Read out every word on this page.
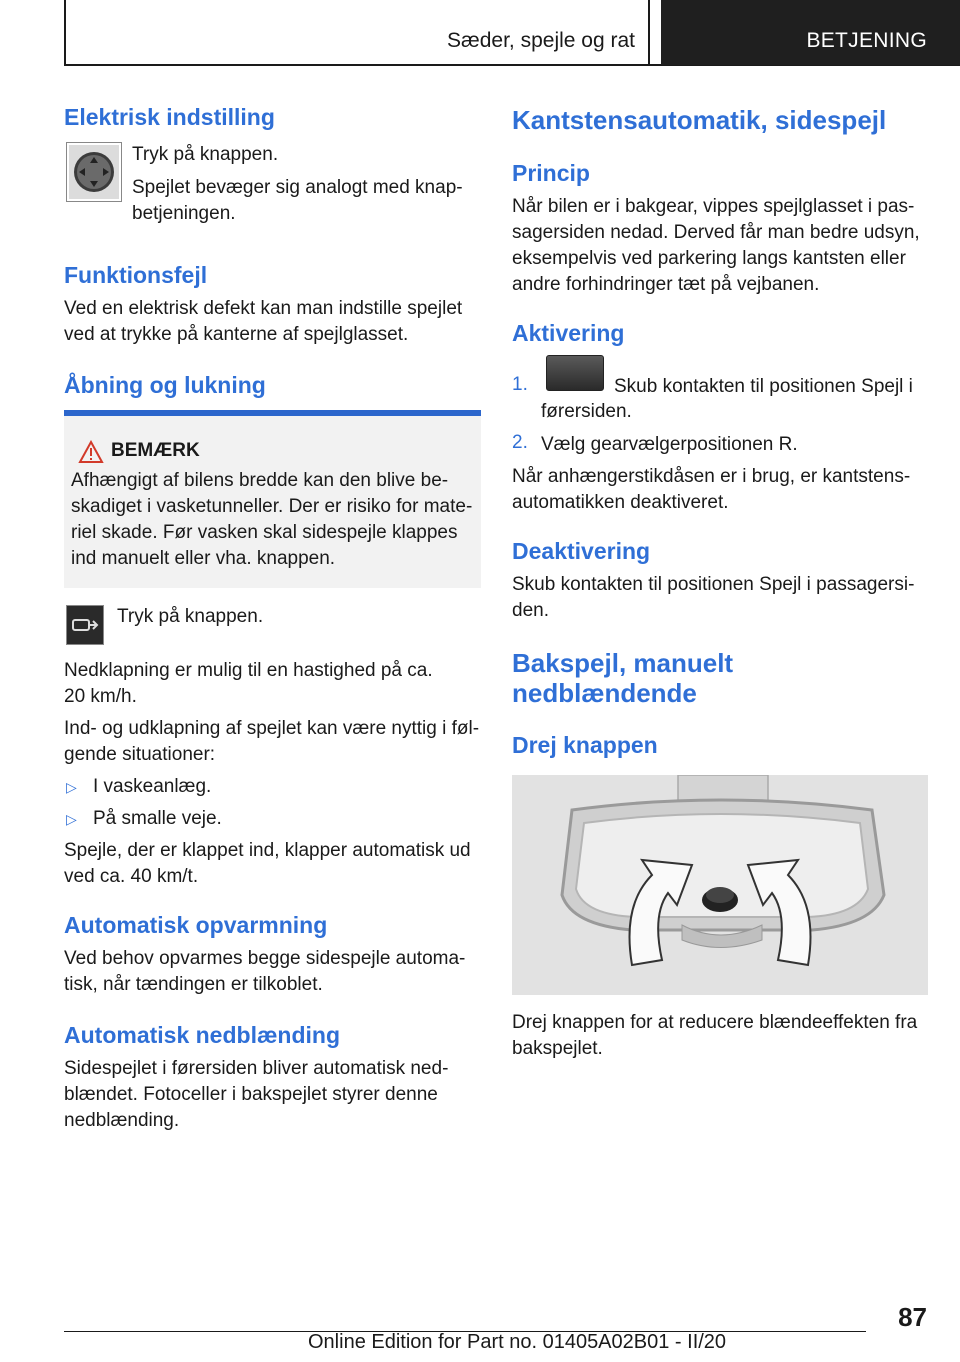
Sæder, spejle og rat	BETJENING
Elektrisk indstilling
Tryk på knappen.
Spejlet bevæger sig analogt med knap-
betjeningen.
Funktionsfejl
Ved en elektrisk defekt kan man indstille spejlet
ved at trykke på kanterne af spejlglasset.
Åbning og lukning
BEMÆRK
Afhængigt af bilens bredde kan den blive be-
skadiget i vasketunneller. Der er risiko for mate-
riel skade. Før vasken skal sidespejle klappes
ind manuelt eller vha. knappen.
Tryk på knappen.
Nedklapning er mulig til en hastighed på ca.
20 km/h.
Ind- og udklapning af spejlet kan være nyttig i føl-
gende situationer:
▷ I vaskeanlæg.
▷ På smalle veje.
Spejle, der er klappet ind, klapper automatisk ud
ved ca. 40 km/t.
Automatisk opvarmning
Ved behov opvarmes begge sidespejle automa-
tisk, når tændingen er tilkoblet.
Automatisk nedblænding
Sidespejlet i førersiden bliver automatisk ned-
blændet. Fotoceller i bakspejlet styrer denne
nedblænding.
Kantstensautomatik, sidespejl
Princip
Når bilen er i bakgear, vippes spejlglasset i pas-
sagersiden nedad. Derved får man bedre udsyn,
eksempelvis ved parkering langs kantsten eller
andre forhindringer tæt på vejbanen.
Aktivering
1.	Skub kontakten til positionen Spejl i
førersiden.
2. Vælg gearvælgerpositionen R.
Når anhængerstikdåsen er i brug, er kantstens-
automatikken deaktiveret.
Deaktivering
Skub kontakten til positionen Spejl i passagersi-
den.
Bakspejl, manuelt
nedblændende
Drej knappen
Drej knappen for at reducere blændeeffekten fra
bakspejlet.
87
Online Edition for Part no. 01405A02B01 - II/20
